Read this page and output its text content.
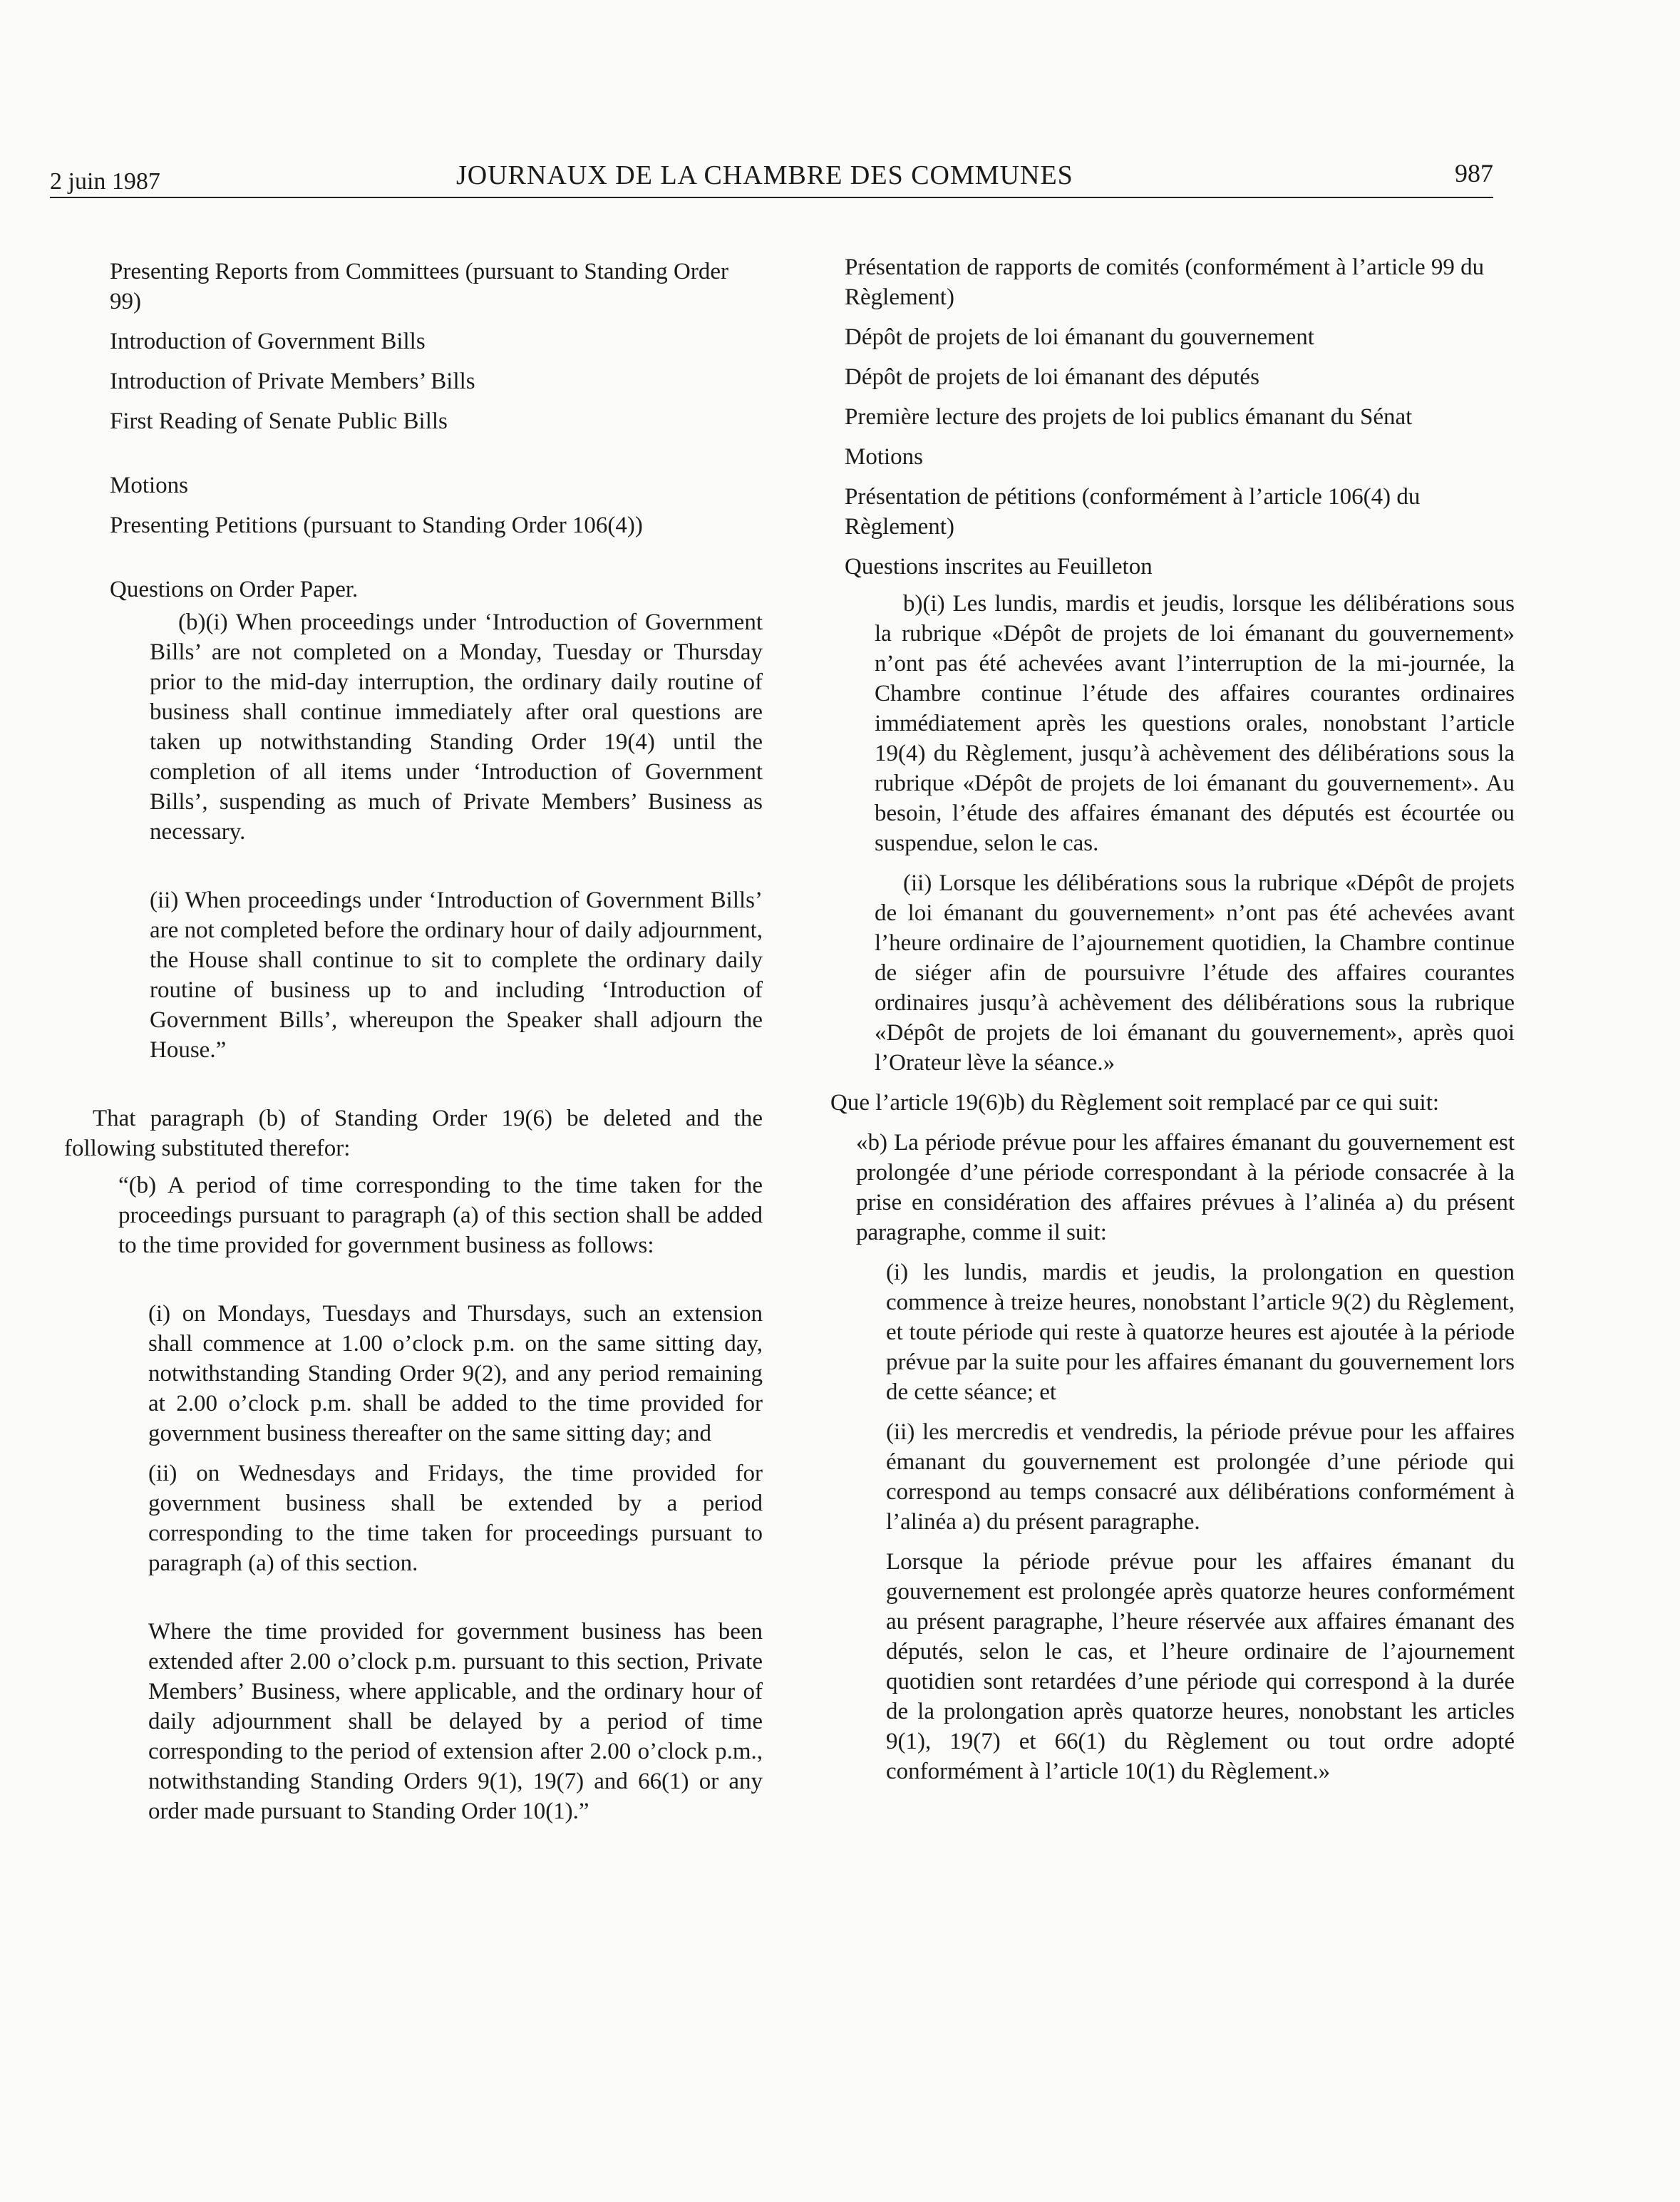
2 juin 1987	JOURNAUX DE LA CHAMBRE DES COMMUNES	987

Presenting Reports from Committees (pursuant to Standing Order 99)

Introduction of Government Bills

Introduction of Private Members’ Bills

First Reading of Senate Public Bills

Motions

Presenting Petitions (pursuant to Standing Order 106(4))

Questions on Order Paper.

(b)(i) When proceedings under ‘Introduction of Government Bills’ are not completed on a Monday, Tuesday or Thursday prior to the mid-day interruption, the ordinary daily routine of business shall continue immediately after oral questions are taken up notwithstanding Standing Order 19(4) until the completion of all items under ‘Introduction of Government Bills’, suspending as much of Private Members’ Business as necessary.

(ii) When proceedings under ‘Introduction of Government Bills’ are not completed before the ordinary hour of daily adjournment, the House shall continue to sit to complete the ordinary daily routine of business up to and including ‘Introduction of Government Bills’, whereupon the Speaker shall adjourn the House.”

That paragraph (b) of Standing Order 19(6) be deleted and the following substituted therefor:

“(b) A period of time corresponding to the time taken for the proceedings pursuant to paragraph (a) of this section shall be added to the time provided for government business as follows:

(i) on Mondays, Tuesdays and Thursdays, such an extension shall commence at 1.00 o’clock p.m. on the same sitting day, notwithstanding Standing Order 9(2), and any period remaining at 2.00 o’clock p.m. shall be added to the time provided for government business thereafter on the same sitting day; and

(ii) on Wednesdays and Fridays, the time provided for government business shall be extended by a period corresponding to the time taken for proceedings pursuant to paragraph (a) of this section.

Where the time provided for government business has been extended after 2.00 o’clock p.m. pursuant to this section, Private Members’ Business, where applicable, and the ordinary hour of daily adjournment shall be delayed by a period of time corresponding to the period of extension after 2.00 o’clock p.m., notwithstanding Standing Orders 9(1), 19(7) and 66(1) or any order made pursuant to Standing Order 10(1).”

Présentation de rapports de comités (conformément à l’article 99 du Règlement)

Dépôt de projets de loi émanant du gouvernement

Dépôt de projets de loi émanant des députés

Première lecture des projets de loi publics émanant du Sénat

Motions

Présentation de pétitions (conformément à l’article 106(4) du Règlement)

Questions inscrites au Feuilleton

b)(i) Les lundis, mardis et jeudis, lorsque les délibérations sous la rubrique «Dépôt de projets de loi émanant du gouvernement» n’ont pas été achevées avant l’interruption de la mi-journée, la Chambre continue l’étude des affaires courantes ordinaires immédiatement après les questions orales, nonobstant l’article 19(4) du Règlement, jusqu’à achèvement des délibérations sous la rubrique «Dépôt de projets de loi émanant du gouvernement». Au besoin, l’étude des affaires émanant des députés est écourtée ou suspendue, selon le cas.

(ii) Lorsque les délibérations sous la rubrique «Dépôt de projets de loi émanant du gouvernement» n’ont pas été achevées avant l’heure ordinaire de l’ajournement quotidien, la Chambre continue de siéger afin de poursuivre l’étude des affaires courantes ordinaires jusqu’à achèvement des délibérations sous la rubrique «Dépôt de projets de loi émanant du gouvernement», après quoi l’Orateur lève la séance.»

Que l’article 19(6)b) du Règlement soit remplacé par ce qui suit:

«b) La période prévue pour les affaires émanant du gouvernement est prolongée d’une période correspondant à la période consacrée à la prise en considération des affaires prévues à l’alinéa a) du présent paragraphe, comme il suit:

(i) les lundis, mardis et jeudis, la prolongation en question commence à treize heures, nonobstant l’article 9(2) du Règlement, et toute période qui reste à quatorze heures est ajoutée à la période prévue par la suite pour les affaires émanant du gouvernement lors de cette séance; et

(ii) les mercredis et vendredis, la période prévue pour les affaires émanant du gouvernement est prolongée d’une période qui correspond au temps consacré aux délibérations conformément à l’alinéa a) du présent paragraphe.

Lorsque la période prévue pour les affaires émanant du gouvernement est prolongée après quatorze heures conformément au présent paragraphe, l’heure réservée aux affaires émanant des députés, selon le cas, et l’heure ordinaire de l’ajournement quotidien sont retardées d’une période qui correspond à la durée de la prolongation après quatorze heures, nonobstant les articles 9(1), 19(7) et 66(1) du Règlement ou tout ordre adopté conformément à l’article 10(1) du Règlement.»
